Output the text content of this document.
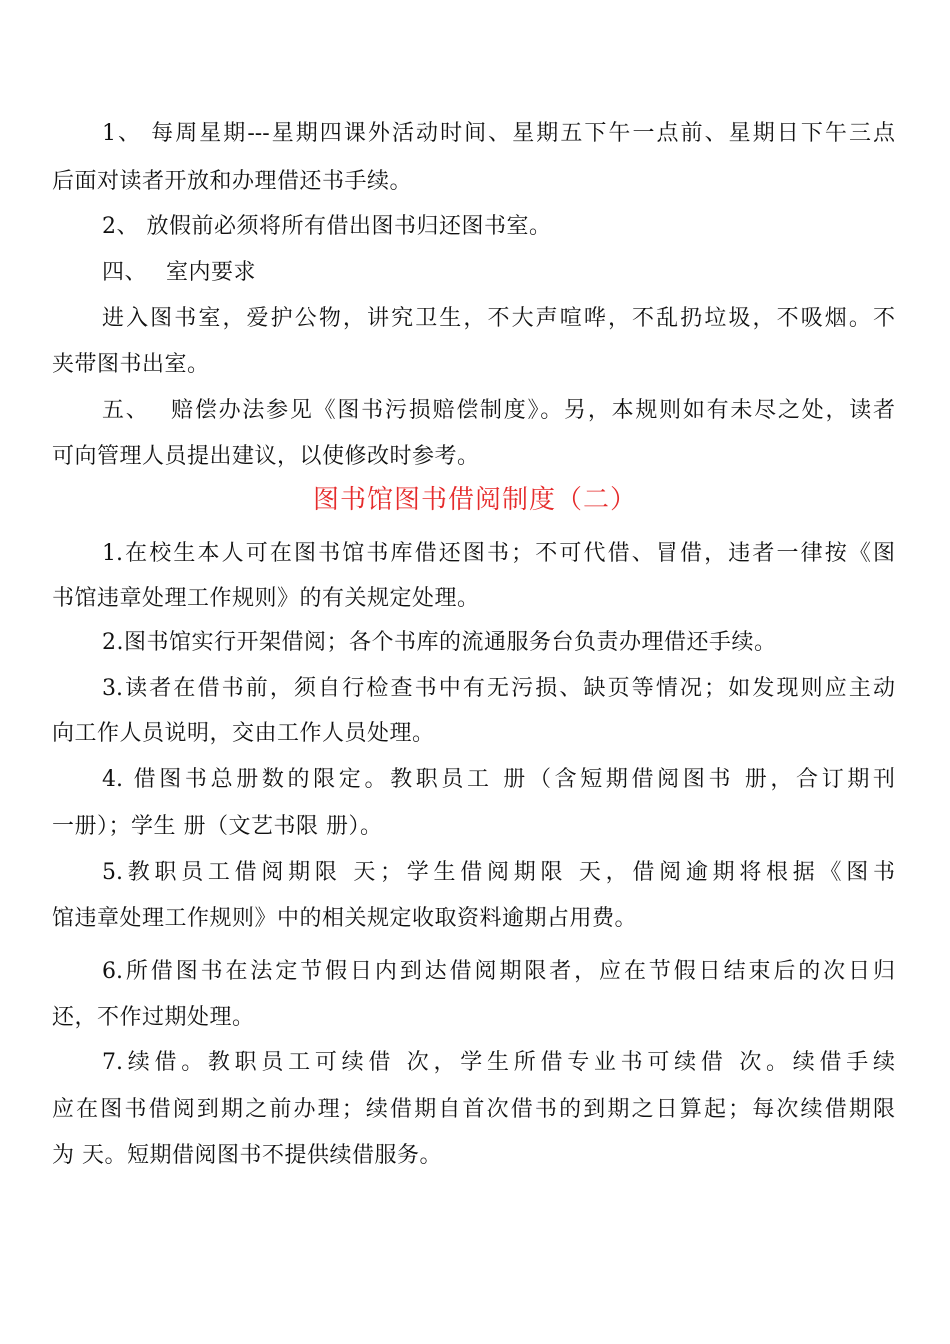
1、 每周星期---星期四课外活动时间、星期五下午一点前、星期日下午三点
后面对读者开放和办理借还书手续。
2、 放假前必须将所有借出图书归还图书室。
四、　 室内要求
进入图书室，爱护公物，讲究卫生，不大声喧哗，不乱扔垃圾，不吸烟。不
夹带图书出室。
五、　 赔偿办法参见《图书污损赔偿制度》。另，本规则如有未尽之处，读者
可向管理人员提出建议，以使修改时参考。
图书馆图书借阅制度（二）
1.在校生本人可在图书馆书库借还图书；不可代借、冒借，违者一律按《图
书馆违章处理工作规则》的有关规定处理。
2.图书馆实行开架借阅；各个书库的流通服务台负责办理借还手续。
3.读者在借书前，须自行检查书中有无污损、缺页等情况；如发现则应主动
向工作人员说明，交由工作人员处理。
4. 借图书总册数的限定。教职员工 册（含短期借阅图书 册，合订期刊
一册）；学生 册（文艺书限 册）。
5.教职员工借阅期限 天；学生借阅期限 天，借阅逾期将根据《图书
馆违章处理工作规则》中的相关规定收取资料逾期占用费。
6.所借图书在法定节假日内到达借阅期限者，应在节假日结束后的次日归
还，不作过期处理。
7.续借。教职员工可续借 次，学生所借专业书可续借 次。续借手续
应在图书借阅到期之前办理；续借期自首次借书的到期之日算起；每次续借期限
为 天。短期借阅图书不提供续借服务。
